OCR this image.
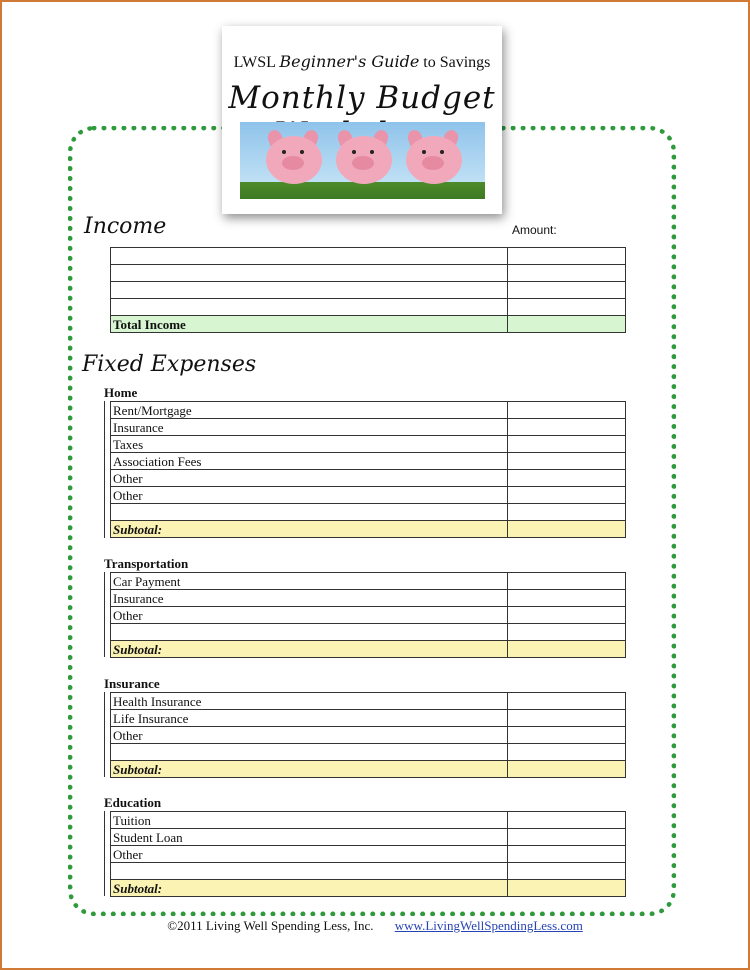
LWSL Beginner's Guide to Savings
Monthly Budget
Income	Amount:

Total Income	
Fixed Expenses
Home
Rent/Mortgage	
Insurance	
Taxes	
Association Fees	
Other	
Other	

Subtotal:	
Transportation
Car Payment	
Insurance	
Other	

Subtotal:	
Insurance
Health Insurance	
Life Insurance	
Other	

Subtotal:	
Education
Tuition	
Student Loan	
Other	

Subtotal:	
©2011 Living Well Spending Less, Inc. www.LivingWellSpendingLess.com
